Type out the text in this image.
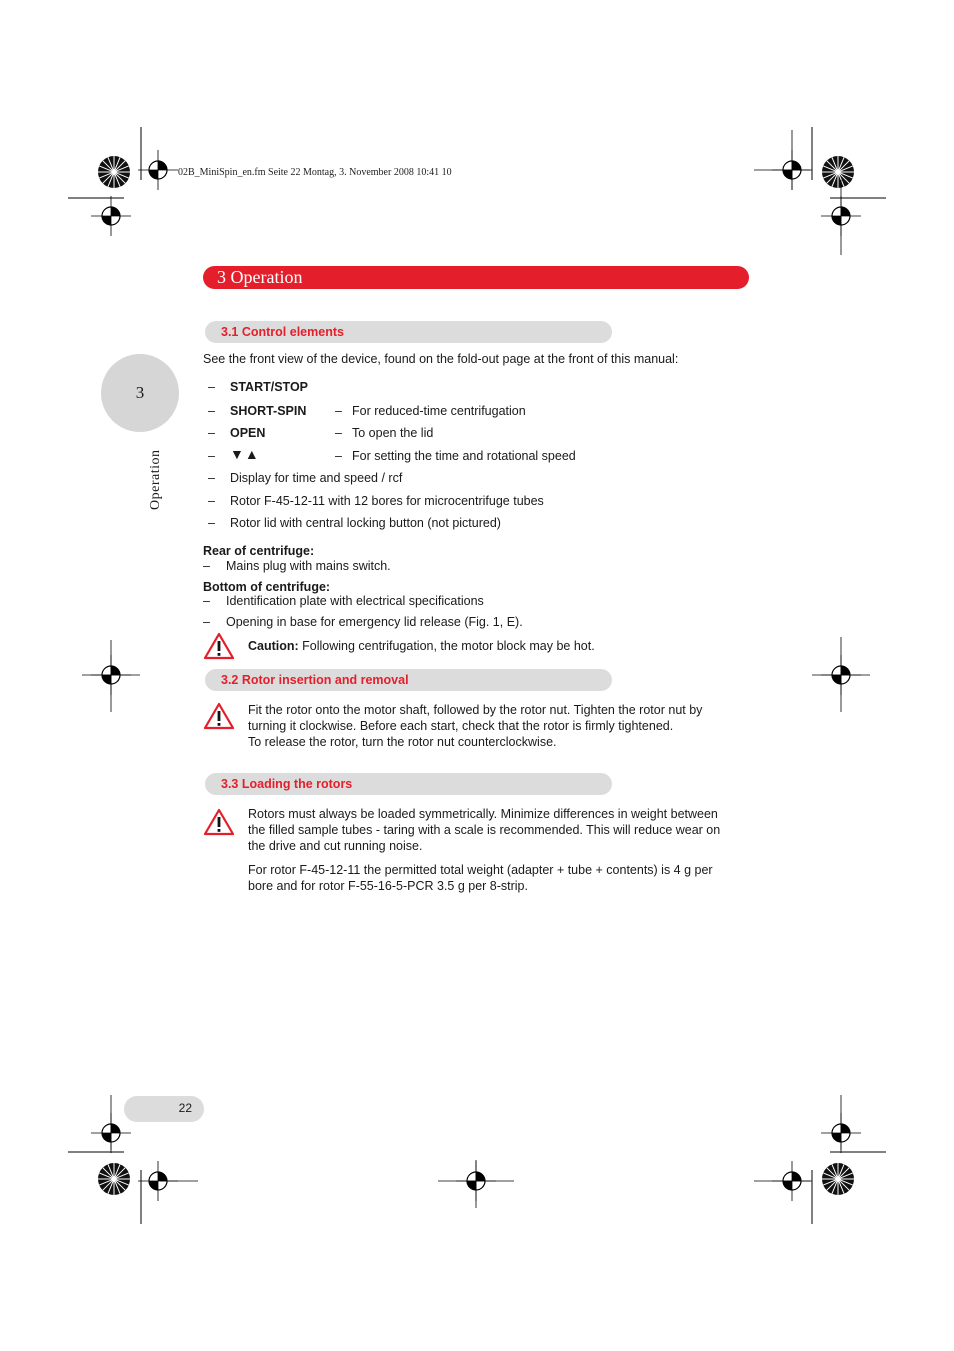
02B_MiniSpin_en.fm Seite 22 Montag, 3. November 2008 10:41 10
3 Operation
3
Operation
3.1 Control elements
See the front view of the device, found on the fold-out page at the front of this manual:
– START/STOP
– SHORT-SPIN – For reduced-time centrifugation
– OPEN	– To open the lid
– ▼▲	– For setting the time and rotational speed
– Display for time and speed / rcf
– Rotor F-45-12-11 with 12 bores for microcentrifuge tubes
– Rotor lid with central locking button (not pictured)
Rear of centrifuge:
– Mains plug with mains switch.
Bottom of centrifuge:
– Identification plate with electrical specifications
– Opening in base for emergency lid release (Fig. 1, E).
Caution: Following centrifugation, the motor block may be hot.
3.2 Rotor insertion and removal
Fit the rotor onto the motor shaft, followed by the rotor nut. Tighten the rotor nut by
turning it clockwise. Before each start, check that the rotor is firmly tightened.
To release the rotor, turn the rotor nut counterclockwise.
3.3 Loading the rotors
Rotors must always be loaded symmetrically. Minimize differences in weight between
the filled sample tubes - taring with a scale is recommended. This will reduce wear on
the drive and cut running noise.
For rotor F-45-12-11 the permitted total weight (adapter + tube + contents) is 4 g per
bore and for rotor F-55-16-5-PCR 3.5 g per 8-strip.
22
